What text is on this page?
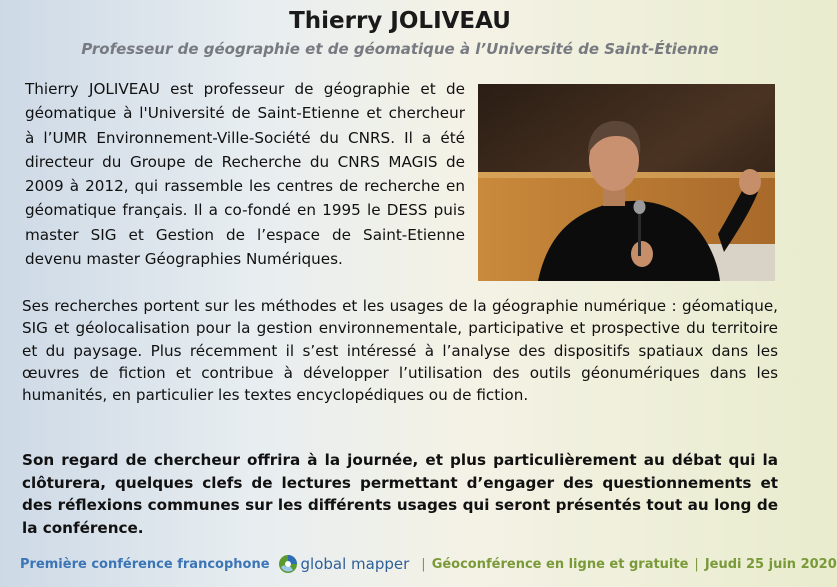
Thierry JOLIVEAU

Professeur de géographie et de géomatique à l’Université de Saint-Étienne

Thierry JOLIVEAU est professeur de géographie et de géomatique à l'Université de Saint-Etienne et chercheur à l’UMR Environnement-Ville-Société du CNRS. Il a été directeur du Groupe de Recherche du CNRS MAGIS de 2009 à 2012, qui rassemble les centres de recherche en géomatique français. Il a co-fondé en 1995 le DESS puis master SIG et Gestion de l’espace de Saint-Etienne devenu master Géographies Numériques.

Ses recherches portent sur les méthodes et les usages de la géographie numérique : géomatique, SIG et géolocalisation pour la gestion environnementale, participative et prospective du territoire et du paysage. Plus récemment il s’est intéressé à l’analyse des dispositifs spatiaux dans les œuvres de fiction et contribue à développer l’utilisation des outils géonumériques dans les humanités, en particulier les textes encyclopédiques ou de fiction.

Son regard de chercheur offrira à la journée, et plus particulièrement au débat qui la clôturera, quelques clefs de lectures permettant d’engager des questionnements et des réflexions communes sur les différents usages qui seront présentés tout au long de la conférence.

Première conférence francophone global mapper | Géoconférence en ligne et gratuite | Jeudi 25 juin 2020
